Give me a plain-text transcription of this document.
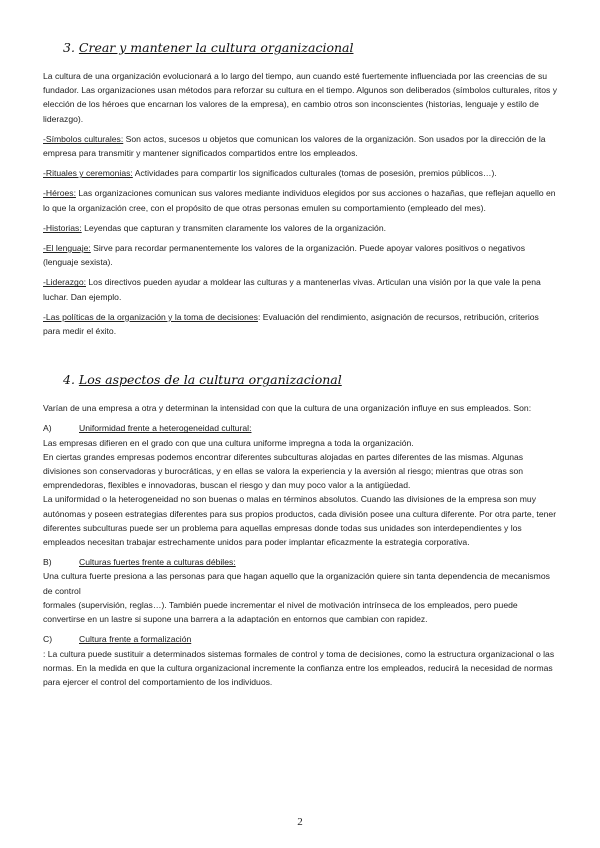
3. Crear y mantener la cultura organizacional

La cultura de una organización evolucionará a lo largo del tiempo, aun cuando esté fuertemente influenciada por las creencias de su fundador. Las organizaciones usan métodos para reforzar su cultura en el tiempo. Algunos son deliberados (símbolos culturales, ritos y elección de los héroes que encarnan los valores de la empresa), en cambio otros son inconscientes (historias, lenguaje y estilo de liderazgo).

-Símbolos culturales: Son actos, sucesos u objetos que comunican los valores de la organización. Son usados por la dirección de la empresa para transmitir y mantener significados compartidos entre los empleados.

-Rituales y ceremonias: Actividades para compartir los significados culturales (tomas de posesión, premios públicos…).

-Héroes: Las organizaciones comunican sus valores mediante individuos elegidos por sus acciones o hazañas, que reflejan aquello en lo que la organización cree, con el propósito de que otras personas emulen su comportamiento (empleado del mes).

-Historias: Leyendas que capturan y transmiten claramente los valores de la organización.

-El lenguaje: Sirve para recordar permanentemente los valores de la organización. Puede apoyar valores positivos o negativos (lenguaje sexista).

-Liderazgo: Los directivos pueden ayudar a moldear las culturas y a mantenerlas vivas. Articulan una visión por la que vale la pena luchar. Dan ejemplo.

-Las políticas de la organización y la toma de decisiones: Evaluación del rendimiento, asignación de recursos, retribución, criterios para medir el éxito.

4. Los aspectos de la cultura organizacional

Varían de una empresa a otra y determinan la intensidad con que la cultura de una organización influye en sus empleados. Son:

A)	Uniformidad frente a heterogeneidad cultural:

Las empresas difieren en el grado con que una cultura uniforme impregna a toda la organización.

En ciertas grandes empresas podemos encontrar diferentes subculturas alojadas en partes diferentes de las mismas. Algunas divisiones son conservadoras y burocráticas, y en ellas se valora la experiencia y la aversión al riesgo; mientras que otras son emprendedoras, flexibles e innovadoras, buscan el riesgo y dan muy poco valor a la antigüedad.

La uniformidad o la heterogeneidad no son buenas o malas en términos absolutos. Cuando las divisiones de la empresa son muy autónomas y poseen estrategias diferentes para sus propios productos, cada división posee una cultura diferente. Por otra parte, tener diferentes subculturas puede ser un problema para aquellas empresas donde todas sus unidades son interdependientes y los empleados necesitan trabajar estrechamente unidos para poder implantar eficazmente la estrategia corporativa.

B)	Culturas fuertes frente a culturas débiles:

Una cultura fuerte presiona a las personas para que hagan aquello que la organización quiere sin tanta dependencia de mecanismos de control

formales (supervisión, reglas…). También puede incrementar el nivel de motivación intrínseca de los empleados, pero puede convertirse en un lastre si supone una barrera a la adaptación en entornos que cambian con rapidez.

C)	Cultura frente a formalización

: La cultura puede sustituir a determinados sistemas formales de control y toma de decisiones, como la estructura organizacional o las normas. En la medida en que la cultura organizacional incremente la confianza entre los empleados, reducirá la necesidad de normas para ejercer el control del comportamiento de los individuos.

2
